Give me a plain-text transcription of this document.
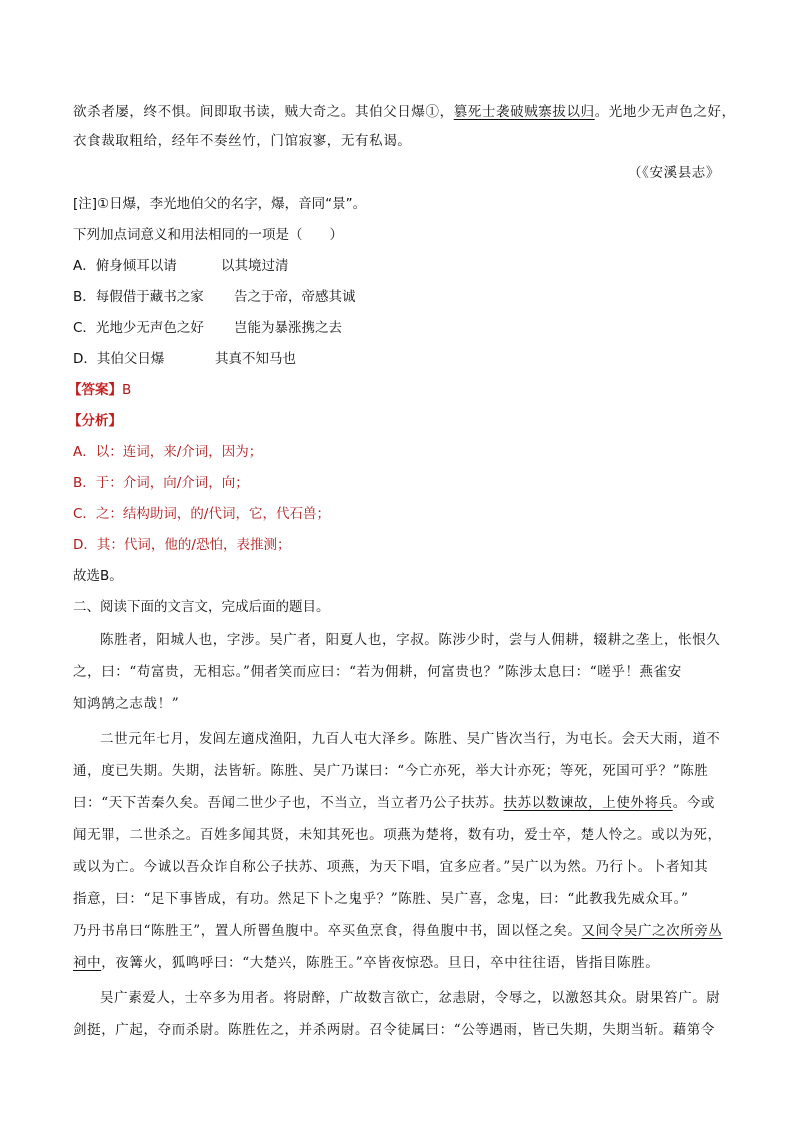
欲杀者屡，终不惧。间即取书读，贼大奇之。其伯父日爆①，篡死士袭破贼寨拔以归。光地少无声色之好，
衣食裁取粗给，经年不奏丝竹，门馆寂寥，无有私谒。
（《安溪县志》
[注]①日爆，李光地伯父的名字，爆，音同“景”。
下列加点词意义和用法相同的一项是（　　）
A．俯身倾耳以请	以其境过清
B．每假借于藏书之家 告之于帝，帝感其诚
C．光地少无声色之好 岂能为暴涨携之去
D．其伯父日爆	其真不知马也
【答案】B
【分析】
A．以：连词，来/介词，因为；
B．于：介词，向/介词，向；
C．之：结构助词，的/代词，它，代石兽；
D．其：代词，他的/恐怕，表推测；
故选B。
二、阅读下面的文言文，完成后面的题目。
陈胜者，阳城人也，字涉。吴广者，阳夏人也，字叔。陈涉少时，尝与人佣耕，辍耕之垄上，怅恨久
之，曰：“苟富贵，无相忘。”佣者笑而应曰：“若为佣耕，何富贵也？”陈涉太息曰：“嗟乎！燕雀安
知鸿鹄之志哉！”
二世元年七月，发闾左適戍渔阳，九百人屯大泽乡。陈胜、吴广皆次当行，为屯长。会天大雨，道不
通，度已失期。失期，法皆斩。陈胜、吴广乃谋曰：“今亡亦死，举大计亦死；等死，死国可乎？”陈胜
曰：“天下苦秦久矣。吾闻二世少子也，不当立，当立者乃公子扶苏。扶苏以数谏故，上使外将兵。今或
闻无罪，二世杀之。百姓多闻其贤，未知其死也。项燕为楚将，数有功，爱士卒，楚人怜之。或以为死，
或以为亡。今诚以吾众诈自称公子扶苏、项燕，为天下唱，宜多应者。”吴广以为然。乃行卜。卜者知其
指意，曰：“足下事皆成，有功。然足下卜之鬼乎？”陈胜、吴广喜，念鬼，曰：“此教我先威众耳。”
乃丹书帛曰“陈胜王”，置人所罾鱼腹中。卒买鱼烹食，得鱼腹中书，固以怪之矣。又间令吴广之次所旁丛
祠中，夜篝火，狐鸣呼曰：“大楚兴，陈胜王。”卒皆夜惊恐。旦日，卒中往往语，皆指目陈胜。
吴广素爱人，士卒多为用者。将尉醉，广故数言欲亡，忿恚尉，令辱之，以激怒其众。尉果笞广。尉
剑挺，广起，夺而杀尉。陈胜佐之，并杀两尉。召令徒属曰：“公等遇雨，皆已失期，失期当斩。藉第令
